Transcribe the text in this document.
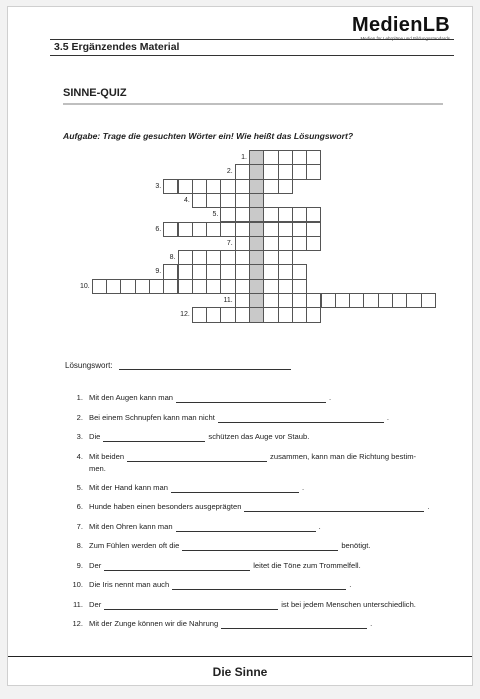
MedienLB
Medien für Lehrpläne und Bildungsstandards
3.5 Ergänzendes Material
SINNE-QUIZ
Aufgabe: Trage die gesuchten Wörter ein! Wie heißt das Lösungswort?
Lösungswort:
1. Mit den Augen kann man	.
2. Bei einem Schnupfen kann man nicht	.
3. Die	schützen das Auge vor Staub.
4. Mit beiden	zusammen, kann man die Richtung bestim-
men.
5. Mit der Hand kann man	.
6. Hunde haben einen besonders ausgeprägten	.
7. Mit den Ohren kann man	.
8. Zum Fühlen werden oft die	benötigt.
9. Der	leitet die Töne zum Trommelfell.
10. Die Iris nennt man auch	.
11. Der	ist bei jedem Menschen unterschiedlich.
12. Mit der Zunge können wir die Nahrung	.
Die Sinne
1.
2.
3.
4.
5.
6.
7.
8.
9.
10.
11.
12.
